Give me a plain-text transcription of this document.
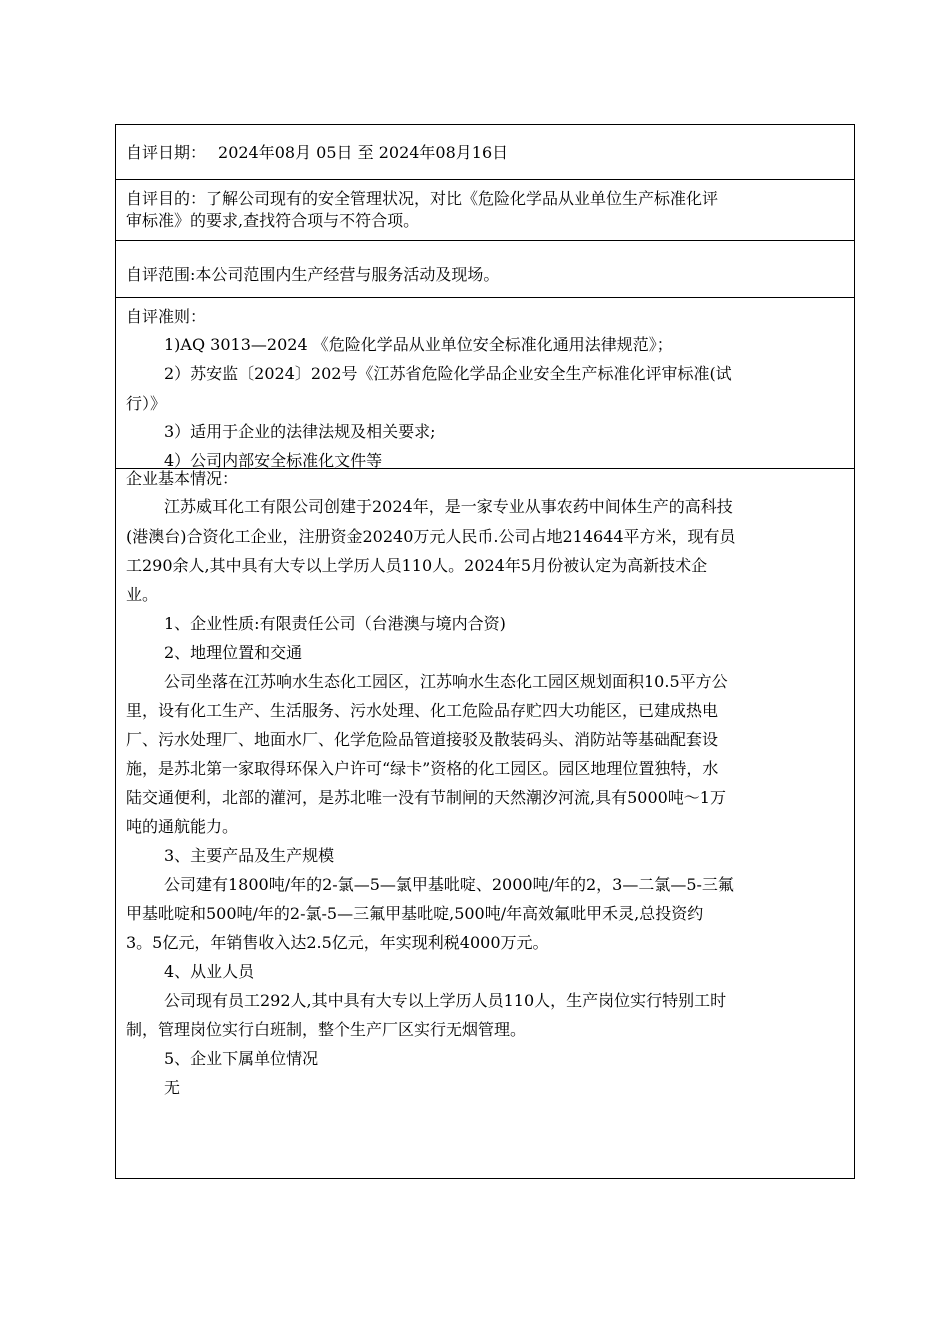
自评日期： 2024年08月 05日 至 2024年08月16日
自评目的：了解公司现有的安全管理状况，对比《危险化学品从业单位生产标准化评
审标准》的要求,查找符合项与不符合项。
自评范围:本公司范围内生产经营与服务活动及现场。
自评准则：
1)AQ 3013—2024 《危险化学品从业单位安全标准化通用法律规范》；
2）苏安监〔2024〕202号《江苏省危险化学品企业安全生产标准化评审标准(试
行）》
3）适用于企业的法律法规及相关要求;
4）公司内部安全标准化文件等
企业基本情况：
江苏威耳化工有限公司创建于2024年，是一家专业从事农药中间体生产的高科技
(港澳台)合资化工企业，注册资金20240万元人民币.公司占地214644平方米，现有员
工290余人,其中具有大专以上学历人员110人。2024年5月份被认定为高新技术企
业。
1、企业性质:有限责任公司（台港澳与境内合资)
2、地理位置和交通
公司坐落在江苏响水生态化工园区，江苏响水生态化工园区规划面积10.5平方公
里，设有化工生产、生活服务、污水处理、化工危险品存贮四大功能区，已建成热电
厂、污水处理厂、地面水厂、化学危险品管道接驳及散装码头、消防站等基础配套设
施，是苏北第一家取得环保入户许可“绿卡”资格的化工园区。园区地理位置独特，水
陆交通便利，北部的灌河，是苏北唯一没有节制闸的天然潮汐河流,具有5000吨～1万
吨的通航能力。
3、主要产品及生产规模
公司建有1800吨/年的2-氯—5—氯甲基吡啶、2000吨/年的2，3—二氯—5-三氟
甲基吡啶和500吨/年的2-氯-5—三氟甲基吡啶,500吨/年高效氟吡甲禾灵,总投资约
3。5亿元，年销售收入达2.5亿元，年实现利税4000万元。
4、从业人员
公司现有员工292人,其中具有大专以上学历人员110人，生产岗位实行特别工时
制，管理岗位实行白班制，整个生产厂区实行无烟管理。
5、企业下属单位情况
无
